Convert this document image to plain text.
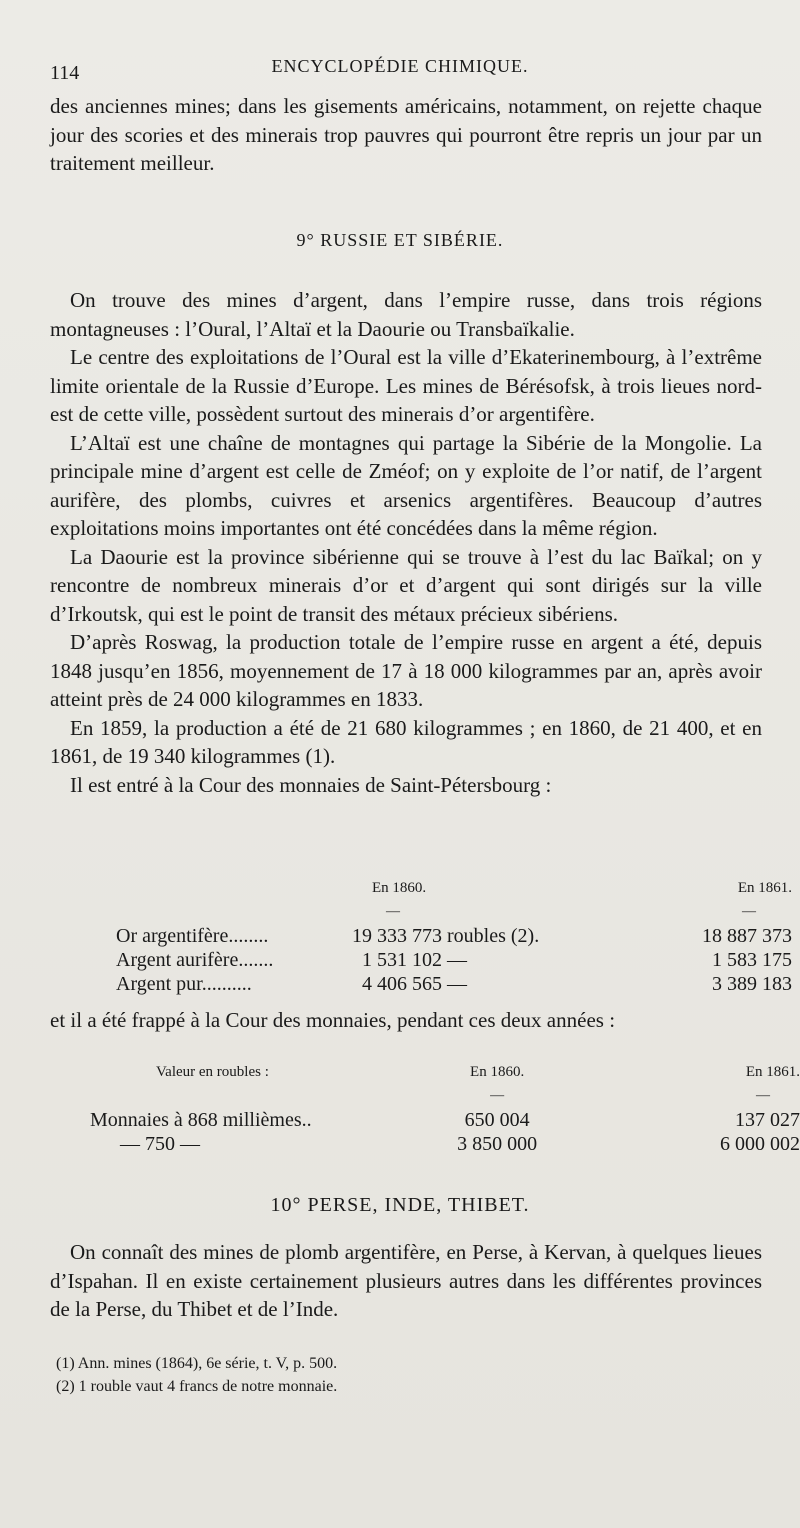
114	ENCYCLOPÉDIE CHIMIQUE.

des anciennes mines; dans les gisements américains, notamment, on rejette chaque jour des scories et des minerais trop pauvres qui pourront être repris un jour par un traitement meilleur.

9° RUSSIE ET SIBÉRIE.

On trouve des mines d’argent, dans l’empire russe, dans trois régions montagneuses : l’Oural, l’Altaï et la Daourie ou Transbaïkalie.

Le centre des exploitations de l’Oural est la ville d’Ekaterinembourg, à l’extrême limite orientale de la Russie d’Europe. Les mines de Bérésofsk, à trois lieues nord-est de cette ville, possèdent surtout des minerais d’or argentifère.

L’Altaï est une chaîne de montagnes qui partage la Sibérie de la Mongolie. La principale mine d’argent est celle de Zméof; on y exploite de l’or natif, de l’argent aurifère, des plombs, cuivres et arsenics argentifères. Beaucoup d’autres exploitations moins importantes ont été concédées dans la même région.

La Daourie est la province sibérienne qui se trouve à l’est du lac Baïkal; on y rencontre de nombreux minerais d’or et d’argent qui sont dirigés sur la ville d’Irkoutsk, qui est le point de transit des métaux précieux sibériens.

D’après Roswag, la production totale de l’empire russe en argent a été, depuis 1848 jusqu’en 1856, moyennement de 17 à 18 000 kilogrammes par an, après avoir atteint près de 24 000 kilogrammes en 1833.

En 1859, la production a été de 21 680 kilogrammes ; en 1860, de 21 400, et en 1861, de 19 340 kilogrammes (1).

Il est entré à la Cour des monnaies de Saint-Pétersbourg :

	En 1860.	En 1861.
	—	—
Or argentifère........	19 333 773 roubles (2).	18 887 373
Argent aurifère.......	1 531 102 —	1 583 175
Argent pur..........	4 406 565 —	3 389 183

et il a été frappé à la Cour des monnaies, pendant ces deux années :

Valeur en roubles :	En 1860.	En 1861.
	—	—
Monnaies à 868 millièmes..	650 004	137 027
— 750 —	3 850 000	6 000 002
10° PERSE, INDE, THIBET.

On connaît des mines de plomb argentifère, en Perse, à Kervan, à quelques lieues d’Ispahan. Il en existe certainement plusieurs autres dans les différentes provinces de la Perse, du Thibet et de l’Inde.

(1) Ann. mines (1864), 6e série, t. V, p. 500.

(2) 1 rouble vaut 4 francs de notre monnaie.
